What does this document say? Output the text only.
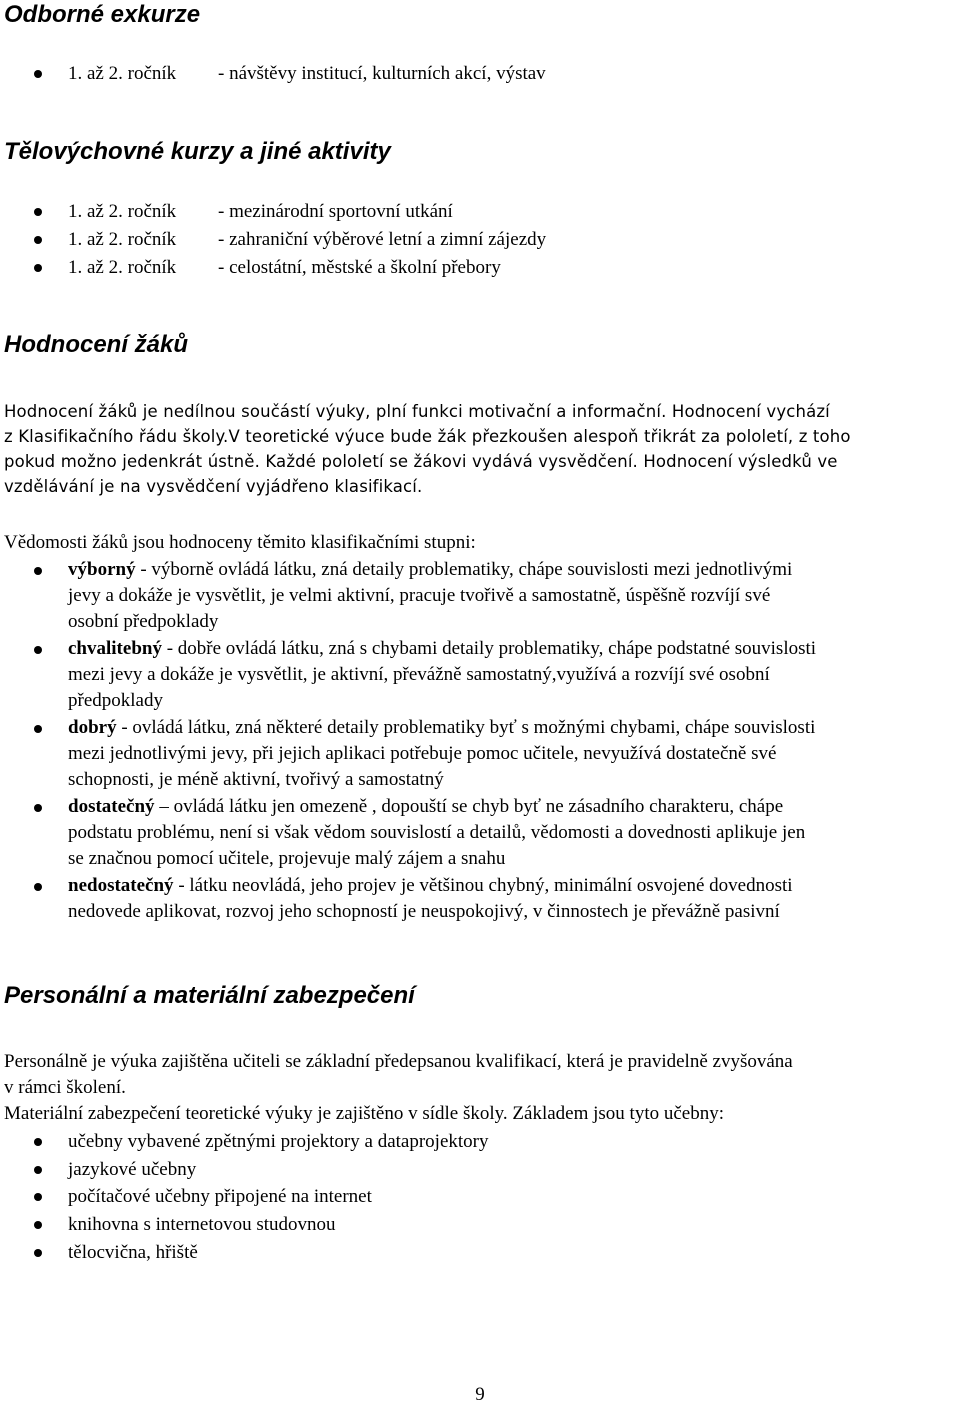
Odborné exkurze
1. až 2. ročník - návštěvy institucí, kulturních akcí, výstav
Tělovýchovné kurzy a jiné aktivity
1. až 2. ročník - mezinárodní sportovní utkání
1. až 2. ročník - zahraniční výběrové letní a zimní zájezdy
1. až 2. ročník - celostátní, městské a školní přebory
Hodnocení žáků

Hodnocení žáků je nedílnou součástí výuky, plní funkci motivační a informační. Hodnocení vychází

z Klasifikačního řádu školy.V teoretické výuce bude žák přezkoušen alespoň třikrát za pololetí, z toho

pokud možno jedenkrát ústně. Každé pololetí se žákovi vydává vysvědčení. Hodnocení výsledků ve

vzdělávání je na vysvědčení vyjádřeno klasifikací.

Vědomosti žáků jsou hodnoceny těmito klasifikačními stupni:

výborný - výborně ovládá látku, zná detaily problematiky, chápe souvislosti mezi jednotlivými

jevy a dokáže je vysvětlit, je velmi aktivní, pracuje tvořivě a samostatně, úspěšně rozvíjí své

osobní předpoklady

chvalitebný - dobře ovládá látku, zná s chybami detaily problematiky, chápe podstatné souvislosti

mezi jevy a dokáže je vysvětlit, je aktivní, převážně samostatný,využívá a rozvíjí své osobní

předpoklady

dobrý - ovládá látku, zná některé detaily problematiky byť s možnými chybami, chápe souvislosti

mezi jednotlivými jevy, při jejich aplikaci potřebuje pomoc učitele, nevyužívá dostatečně své

schopnosti, je méně aktivní, tvořivý a samostatný

dostatečný – ovládá látku jen omezeně , dopouští se chyb byť ne zásadního charakteru, chápe

podstatu problému, není si však vědom souvislostí a detailů, vědomosti a dovednosti aplikuje jen

se značnou pomocí učitele, projevuje malý zájem a snahu

nedostatečný - látku neovládá, jeho projev je většinou chybný, minimální osvojené dovednosti

nedovede aplikovat, rozvoj jeho schopností je neuspokojivý, v činnostech je převážně pasivní

Personální a materiální zabezpečení

Personálně je výuka zajištěna učiteli se základní předepsanou kvalifikací, která je pravidelně zvyšována

v rámci školení.

Materiální zabezpečení teoretické výuky je zajištěno v sídle školy. Základem jsou tyto učebny:

učebny vybavené zpětnými projektory a dataprojektory

jazykové učebny

počítačové učebny připojené na internet

knihovna s internetovou studovnou

tělocvična, hřiště

9
